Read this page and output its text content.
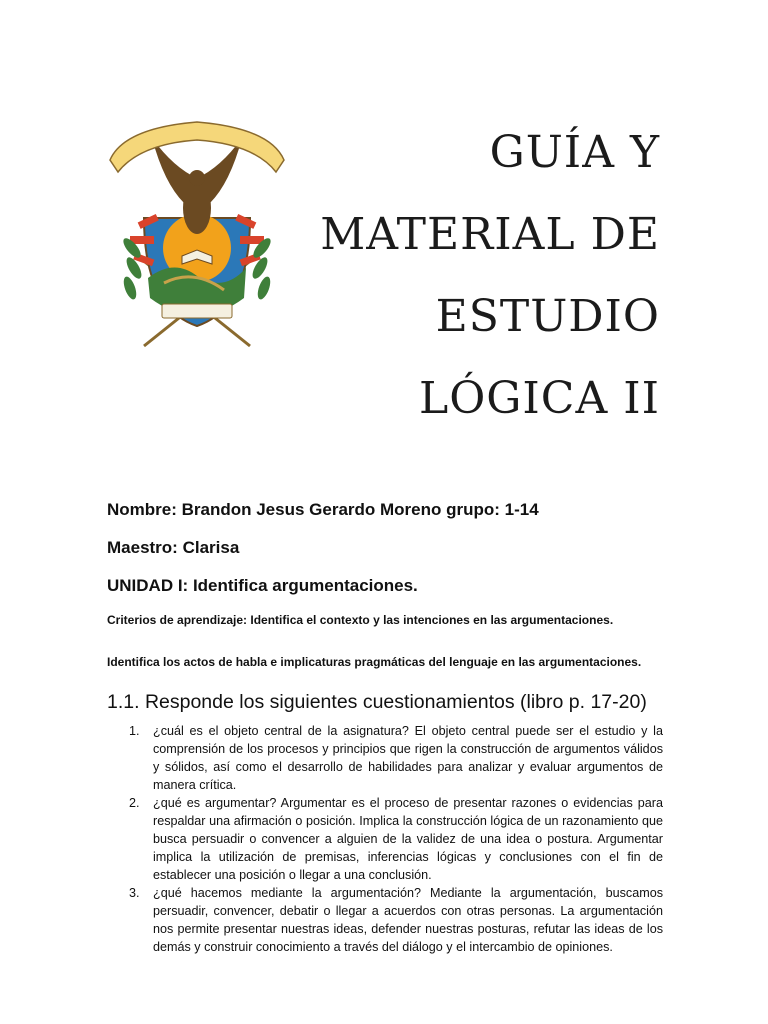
GUÍA Y
MATERIAL DE
ESTUDIO
LÓGICA II
Nombre: Brandon Jesus Gerardo Moreno grupo: 1-14
Maestro: Clarisa
UNIDAD I: Identifica argumentaciones.
Criterios de aprendizaje: Identifica el contexto y las intenciones en las argumentaciones.
Identifica los actos de habla e implicaturas pragmáticas del lenguaje en las argumentaciones.
1.1. Responde los siguientes cuestionamientos (libro p. 17-20)
1.	¿cuál es el objeto central de la asignatura? El objeto central puede ser el estudio y la comprensión de los procesos y principios que rigen la construcción de argumentos válidos y sólidos, así como el desarrollo de habilidades para analizar y evaluar argumentos de manera crítica.
2.	¿qué es argumentar? Argumentar es el proceso de presentar razones o evidencias para respaldar una afirmación o posición. Implica la construcción lógica de un razonamiento que busca persuadir o convencer a alguien de la validez de una idea o postura. Argumentar implica la utilización de premisas, inferencias lógicas y conclusiones con el fin de establecer una posición o llegar a una conclusión.
3.	¿qué hacemos mediante la argumentación? Mediante la argumentación, buscamos persuadir, convencer, debatir o llegar a acuerdos con otras personas. La argumentación nos permite presentar nuestras ideas, defender nuestras posturas, refutar las ideas de los demás y construir conocimiento a través del diálogo y el intercambio de opiniones.
